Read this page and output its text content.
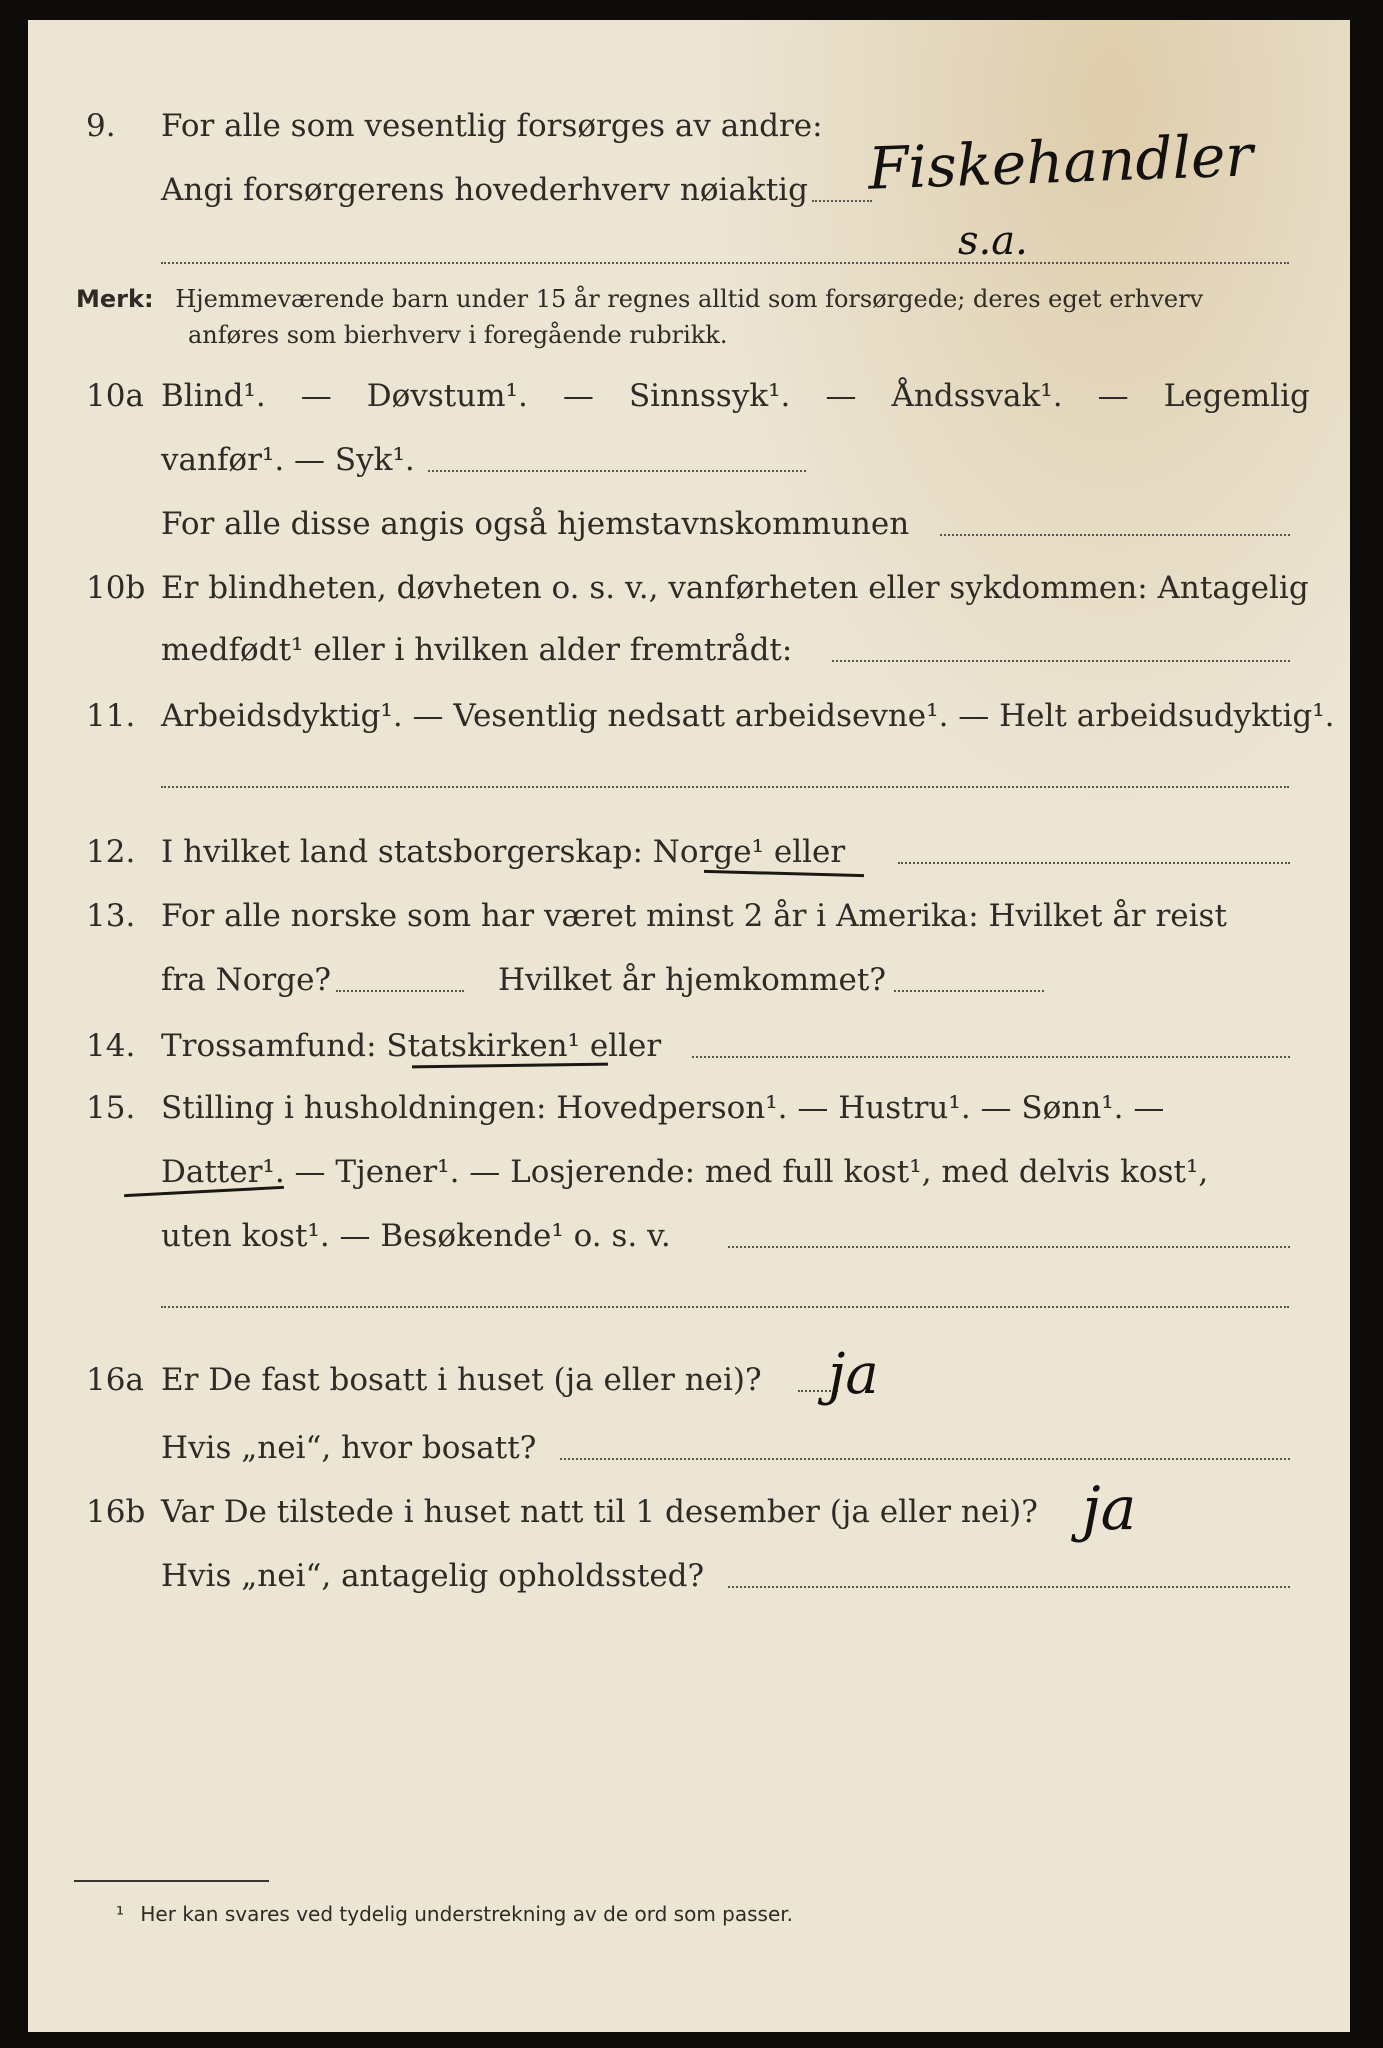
9. For alle som vesentlig forsørges av andre:
Angi forsørgerens hovederhverv nøiaktig Fiskehandler
s.a.
Merk: Hjemmeværende barn under 15 år regnes alltid som forsørgede; deres eget erhverv
anføres som bierhverv i foregående rubrikk.
10a Blind¹. — Døvstum¹. — Sinnssyk¹. — Åndssvak¹. — Legemlig
vanfør¹. — Syk¹.
For alle disse angis også hjemstavnskommunen
10b Er blindheten, døvheten o. s. v., vanførheten eller sykdommen: Antagelig
medfødt¹ eller i hvilken alder fremtrådt:
11. Arbeidsdyktig¹. — Vesentlig nedsatt arbeidsevne¹. — Helt arbeidsudyktig¹.
12. I hvilket land statsborgerskap: Norge¹ eller
13. For alle norske som har været minst 2 år i Amerika: Hvilket år reist
fra Norge?	Hvilket år hjemkommet?
14. Trossamfund: Statskirken¹ eller
15. Stilling i husholdningen: Hovedperson¹. — Hustru¹. — Sønn¹. —
Datter¹. — Tjener¹. — Losjerende: med full kost¹, med delvis kost¹,
uten kost¹. — Besøkende¹ o. s. v.
16a Er De fast bosatt i huset (ja eller nei)? ja
Hvis „nei“, hvor bosatt?
16b Var De tilstede i huset natt til 1 desember (ja eller nei)? ja
Hvis „nei“, antagelig opholdssted?
¹ Her kan svares ved tydelig understrekning av de ord som passer.
